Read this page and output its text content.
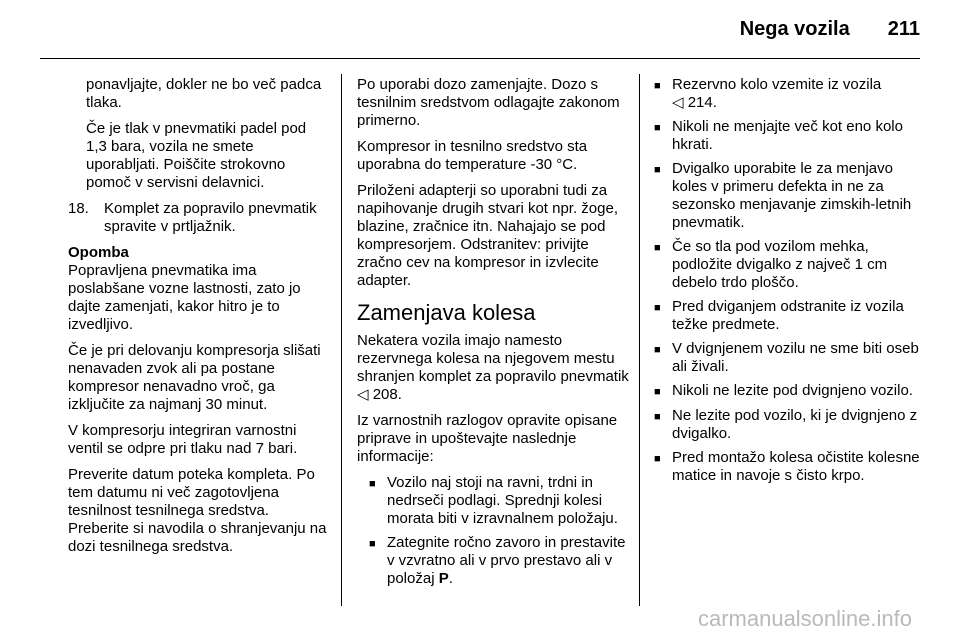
Nega vozila 211

ponavljajte, dokler ne bo več padca tlaka.

Če je tlak v pnevmatiki padel pod 1,3 bara, vozila ne smete uporabljati. Poiščite strokovno pomoč v servisni delavnici.

18.	Komplet za popravilo pnevmatik spravite v prtljažnik.

Opomba

Popravljena pnevmatika ima poslabšane vozne lastnosti, zato jo dajte zamenjati, kakor hitro je to izvedljivo.

Če je pri delovanju kompresorja slišati nenavaden zvok ali pa postane kompresor nenavadno vroč, ga izključite za najmanj 30 minut.

V kompresorju integriran varnostni ventil se odpre pri tlaku nad 7 bari.

Preverite datum poteka kompleta. Po tem datumu ni več zagotovljena tesnilnost tesnilnega sredstva. Preberite si navodila o shranjevanju na dozi tesnilnega sredstva.

Po uporabi dozo zamenjajte. Dozo s tesnilnim sredstvom odlagajte zakonom primerno.

Kompresor in tesnilno sredstvo sta uporabna do temperature -30 °C.

Priloženi adapterji so uporabni tudi za napihovanje drugih stvari kot npr. žoge, blazine, zračnice itn. Nahajajo se pod kompresorjem. Odstranitev: privijte zračno cev na kompresor in izvlecite adapter.

Zamenjava kolesa

Nekatera vozila imajo namesto rezervnega kolesa na njegovem mestu shranjen komplet za popravilo pnevmatik ◁ 208.

Iz varnostnih razlogov opravite opisane priprave in upoštevajte naslednje informacije:

■ Vozilo naj stoji na ravni, trdni in nedrseči podlagi. Sprednji kolesi morata biti v izravnalnem položaju.
■ Zategnite ročno zavoro in prestavite v vzvratno ali v prvo prestavo ali v položaj P.
■ Rezervno kolo vzemite iz vozila
◁ 214.
■ Nikoli ne menjajte več kot eno kolo hkrati.
■ Dvigalko uporabite le za menjavo koles v primeru defekta in ne za sezonsko menjavanje zimskih-letnih pnevmatik.
■ Če so tla pod vozilom mehka, podložite dvigalko z največ 1 cm debelo trdo ploščo.
■ Pred dviganjem odstranite iz vozila težke predmete.
■ V dvignjenem vozilu ne sme biti oseb ali živali.
■ Nikoli ne lezite pod dvignjeno vozilo.
■ Ne lezite pod vozilo, ki je dvignjeno z dvigalko.
■ Pred montažo kolesa očistite kolesne matice in navoje s čisto krpo.
carmanualsonline.info
